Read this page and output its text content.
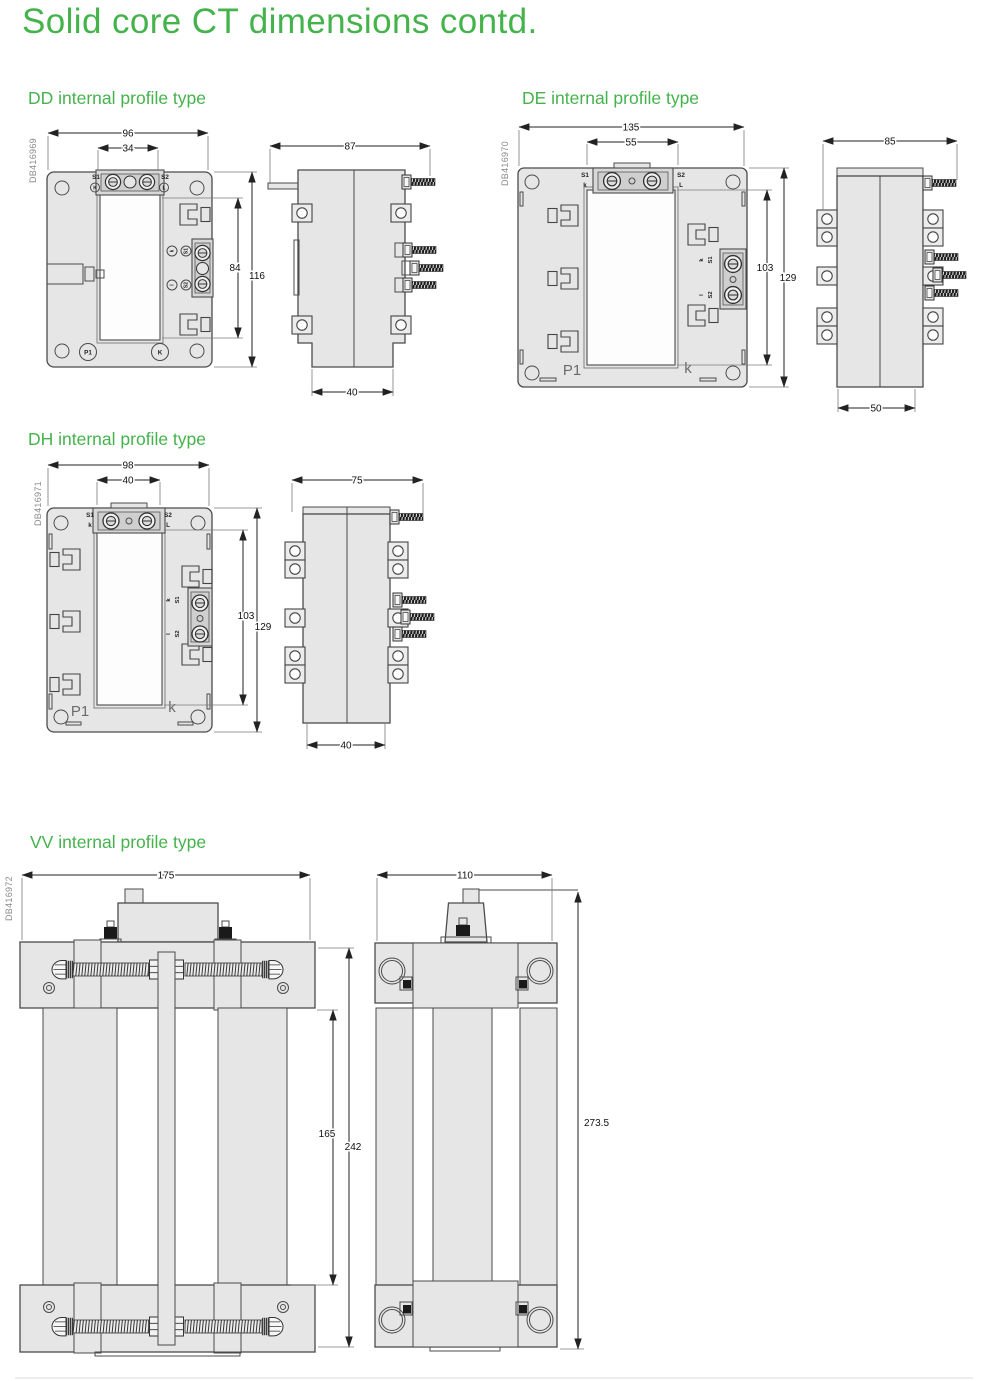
Solid core CT dimensions contd.
DD internal profile type	DE internal profile type
DH internal profile type
VV internal profile type
DB416969	S1
K
S2
L
k S1
l S2
P1	K
96
34
84
116
87
40
DB416970	S1
k
S2
L
k S1
l S2
P1	k
135
55
103
129
85
50
DB416971	S1
k
S2
L
k S1
l S2
P1	k
98
40
103
129
75
40
DB416972
175
165
242
110
273.5
